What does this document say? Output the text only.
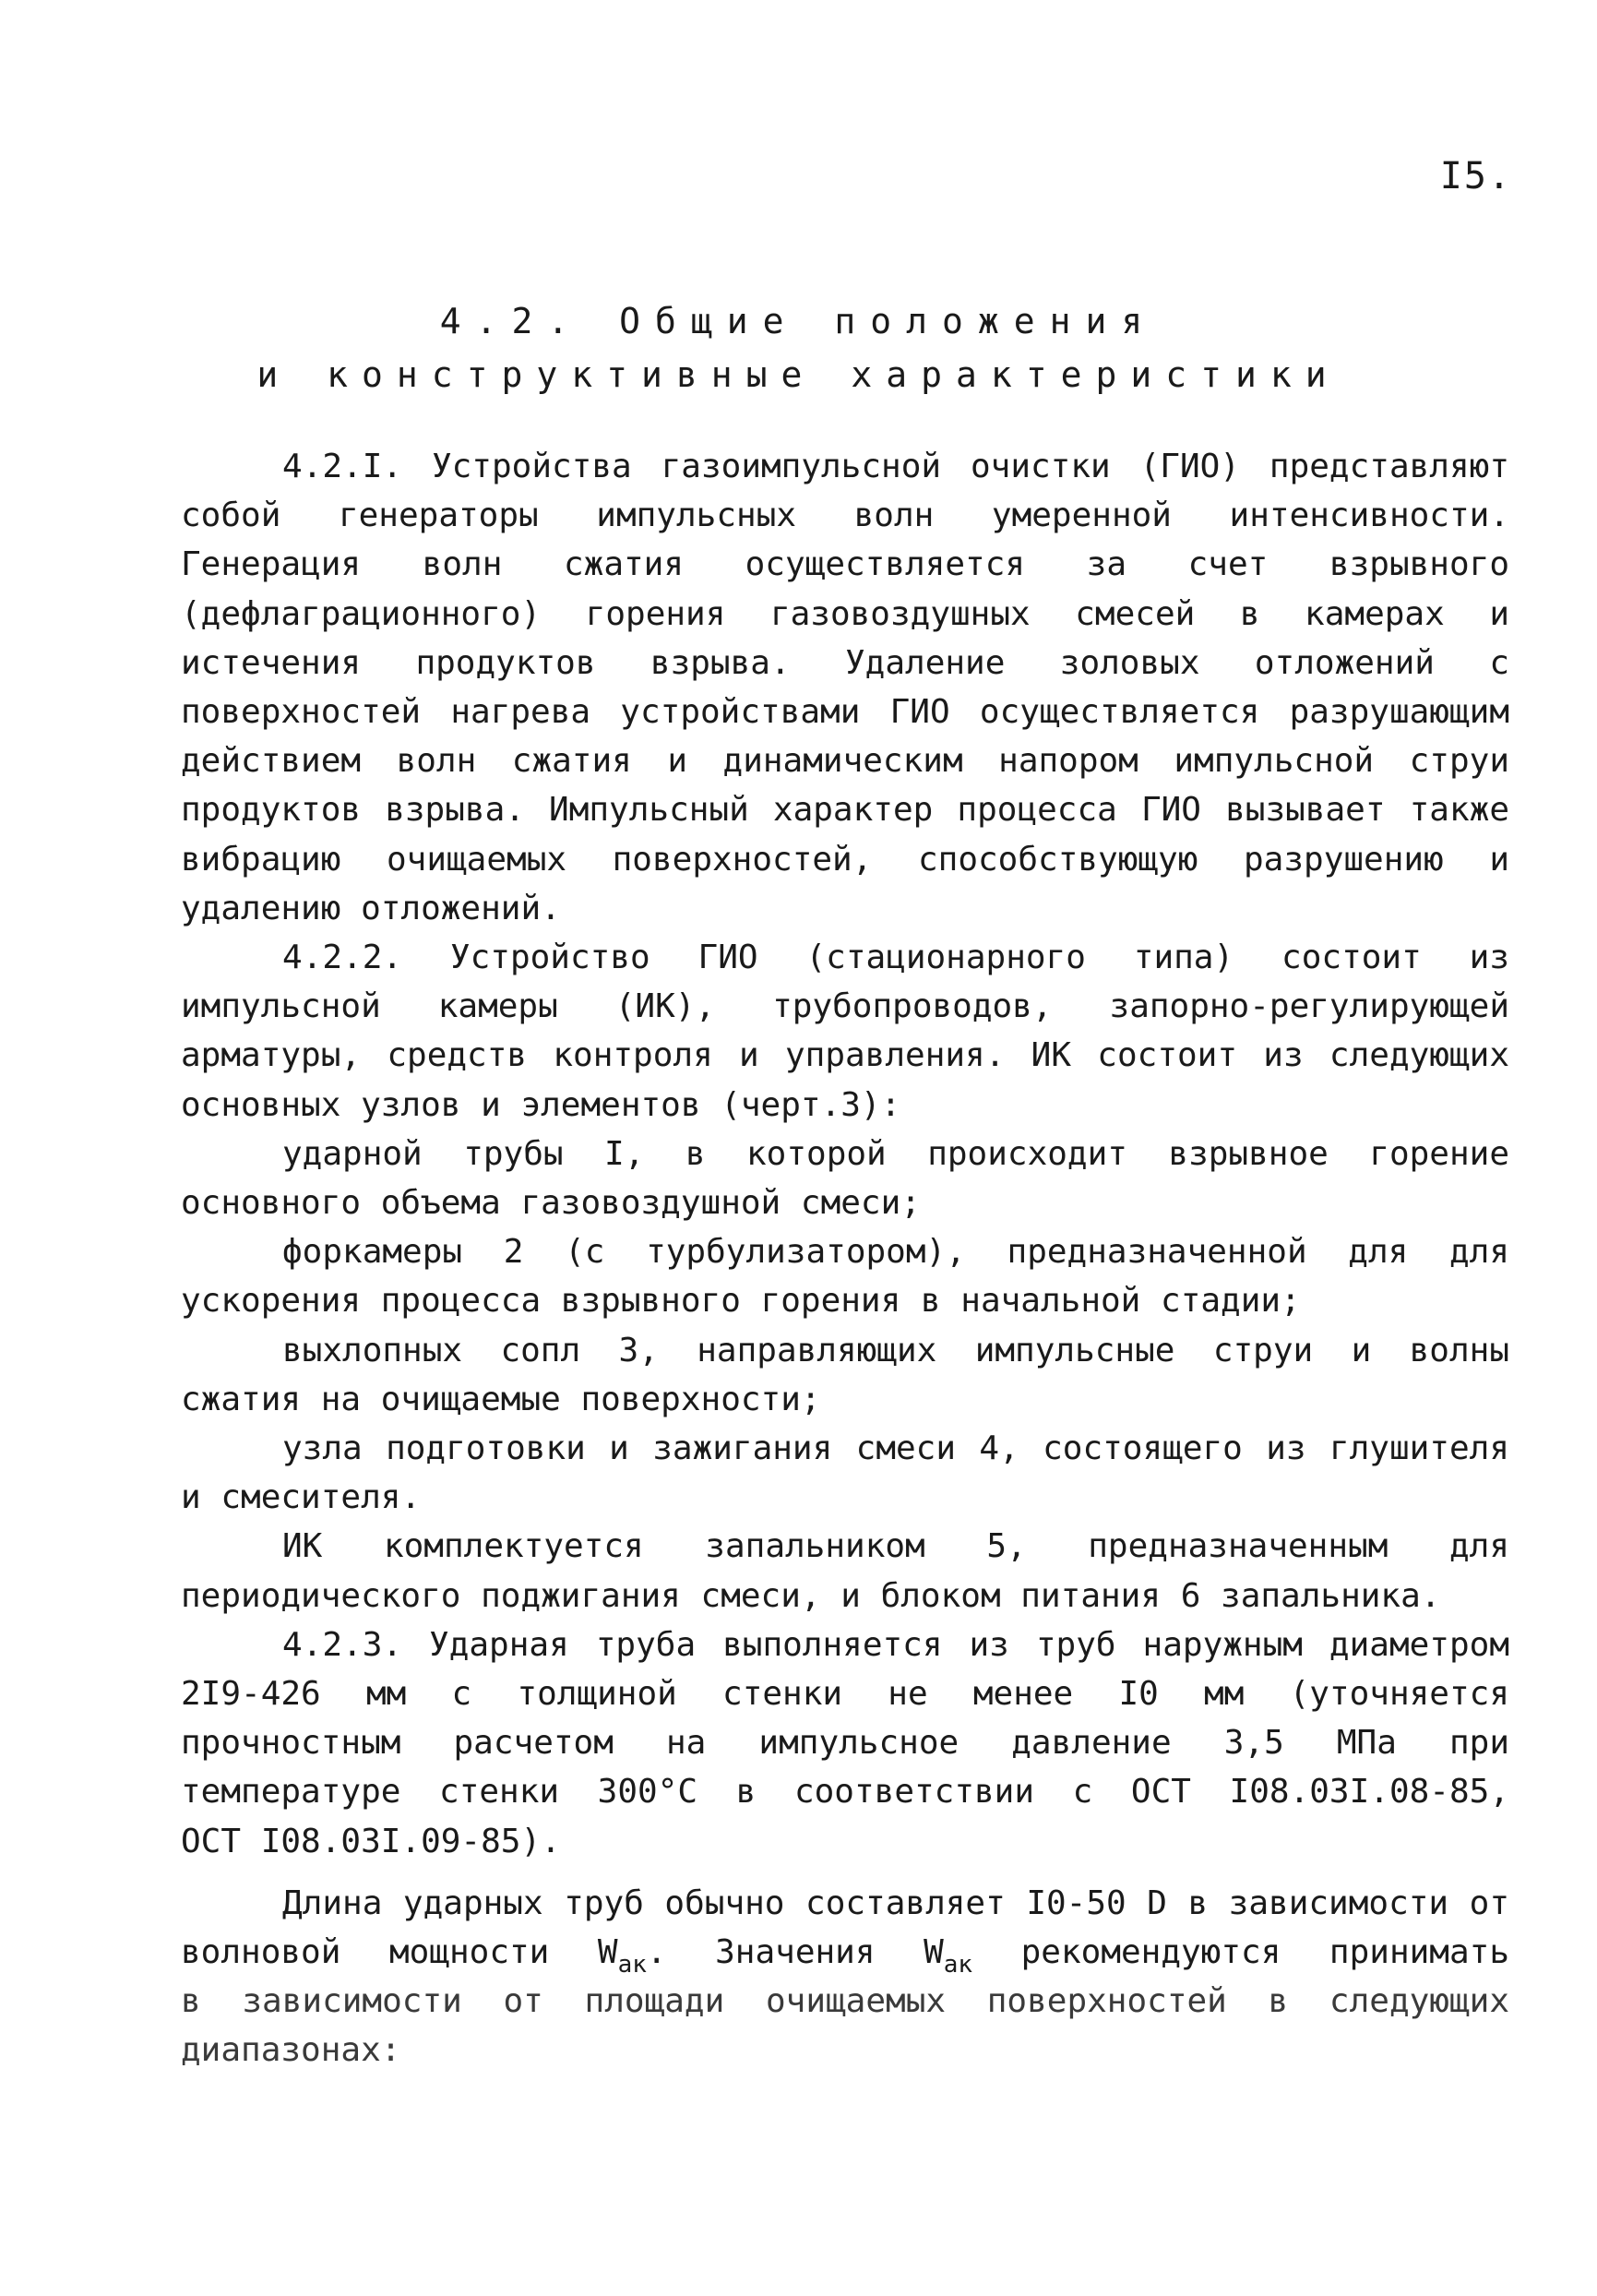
I5.
4.2. Общие положения
и конструктивные характеристики
4.2.I. Устройства газоимпульсной очистки (ГИО) представляют
собой генераторы импульсных волн умеренной интенсивности.
Генерация волн сжатия осуществляется за счет взрывного
(дефлаграционного) горения газовоздушных смесей в камерах и
истечения продуктов взрыва. Удаление золовых отложений с
поверхностей нагрева устройствами ГИО осуществляется разрушающим
действием волн сжатия и динамическим напором импульсной струи
продуктов взрыва. Импульсный характер процесса ГИО вызывает также
вибрацию очищаемых поверхностей, способствующую разрушению и
удалению отложений.
4.2.2. Устройство ГИО (стационарного типа) состоит из
импульсной камеры (ИК), трубопроводов, запорно-регулирующей
арматуры, средств контроля и управления. ИК состоит из следующих
основных узлов и элементов (черт.3):
ударной трубы I, в которой происходит взрывное горение
основного объема газовоздушной смеси;
форкамеры 2 (с турбулизатором), предназначенной для для
ускорения процесса взрывного горения в начальной стадии;
выхлопных сопл 3, направляющих импульсные струи и волны
сжатия на очищаемые поверхности;
узла подготовки и зажигания смеси 4, состоящего из глушителя
и смесителя.
ИК комплектуется запальником 5, предназначенным для
периодического поджигания смеси, и блоком питания 6 запальника.
4.2.3. Ударная труба выполняется из труб наружным диаметром
2I9-426 мм с толщиной стенки не менее I0 мм (уточняется
прочностным расчетом на импульсное давление 3,5 МПа при
температуре стенки 300°С в соответствии с ОСТ I08.03I.08-85,
ОСТ I08.03I.09-85).
Длина ударных труб обычно составляет I0-50 D в зависимости от
волновой мощности $W_{ак}$. Значения $W_{ак}$ рекомендуются принимать
в зависимости от площади очищаемых поверхностей в следующих
диапазонах:
